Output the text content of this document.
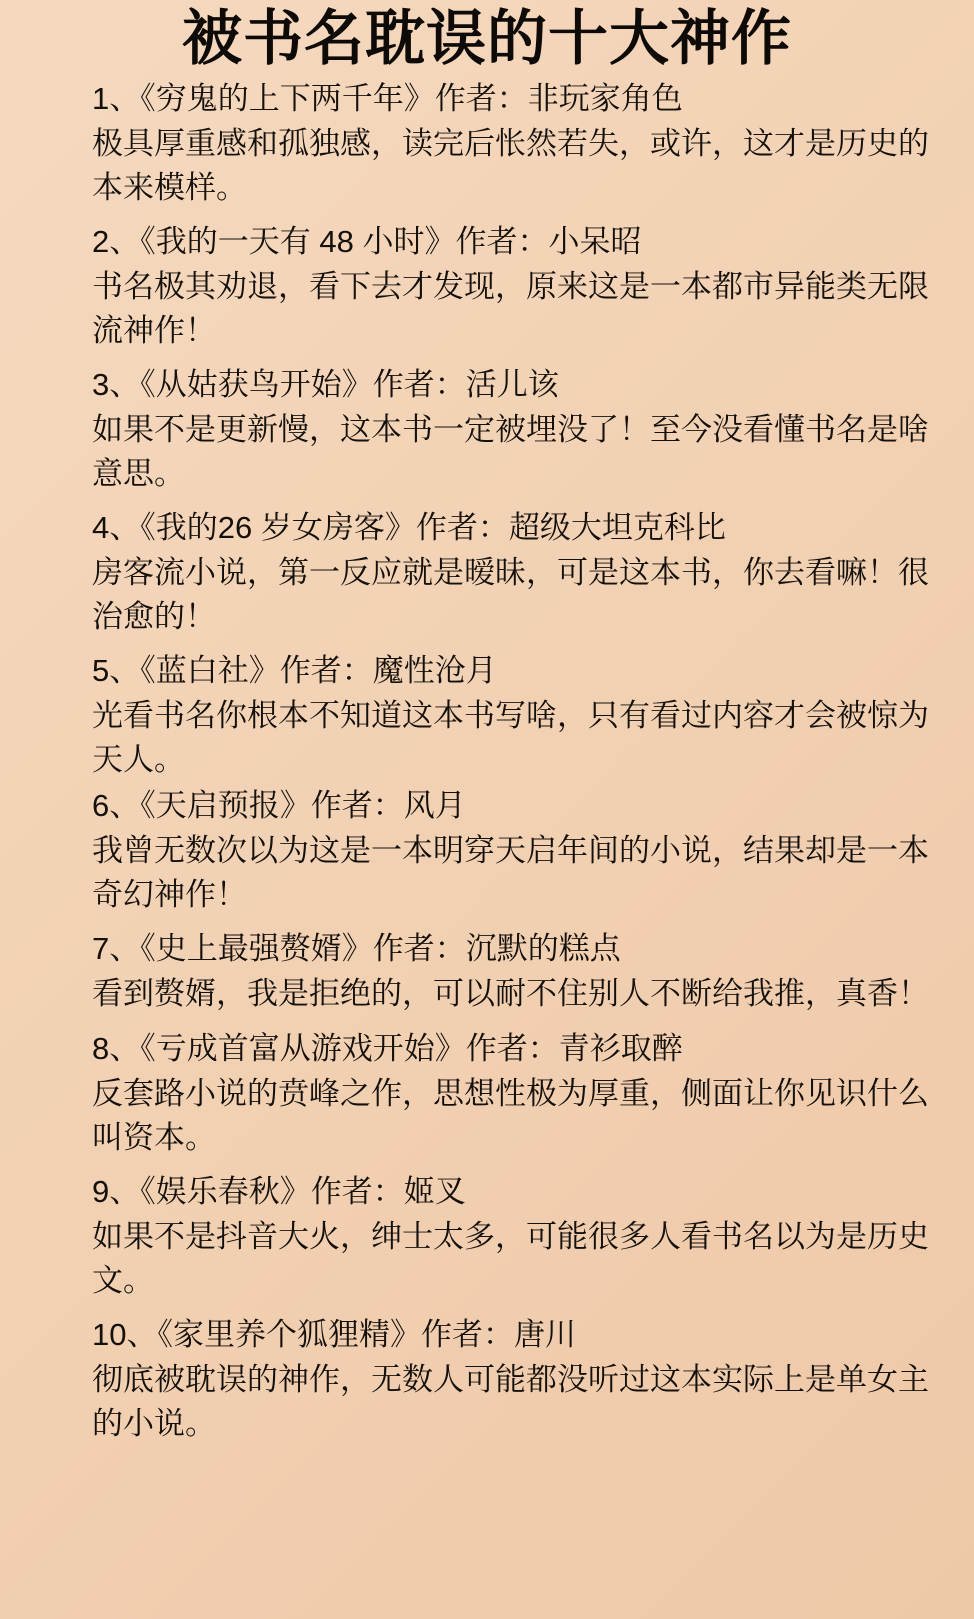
被书名耽误的十大神作

1、《穷鬼的上下两千年》作者：非玩家角色

极具厚重感和孤独感，读完后怅然若失，或许，这才是历史的本来模样。

2、《我的一天有 48 小时》作者：小呆昭

书名极其劝退，看下去才发现，原来这是一本都市异能类无限流神作！

3、《从姑获鸟开始》作者：活儿该

如果不是更新慢，这本书一定被埋没了！至今没看懂书名是啥意思。

4、《我的26 岁女房客》作者：超级大坦克科比

房客流小说，第一反应就是暧昧，可是这本书，你去看嘛！很治愈的！

5、《蓝白社》作者：魔性沧月

光看书名你根本不知道这本书写啥，只有看过内容才会被惊为天人。

6、《天启预报》作者：风月

我曾无数次以为这是一本明穿天启年间的小说，结果却是一本奇幻神作！

7、《史上最强赘婿》作者：沉默的糕点

看到赘婿，我是拒绝的，可以耐不住别人不断给我推，真香！

8、《亏成首富从游戏开始》作者：青衫取醉

反套路小说的贲峰之作，思想性极为厚重，侧面让你见识什么叫资本。

9、《娱乐春秋》作者：姬叉

如果不是抖音大火，绅士太多，可能很多人看书名以为是历史文。

10、《家里养个狐狸精》作者：唐川

彻底被耽误的神作，无数人可能都没听过这本实际上是单女主的小说。
